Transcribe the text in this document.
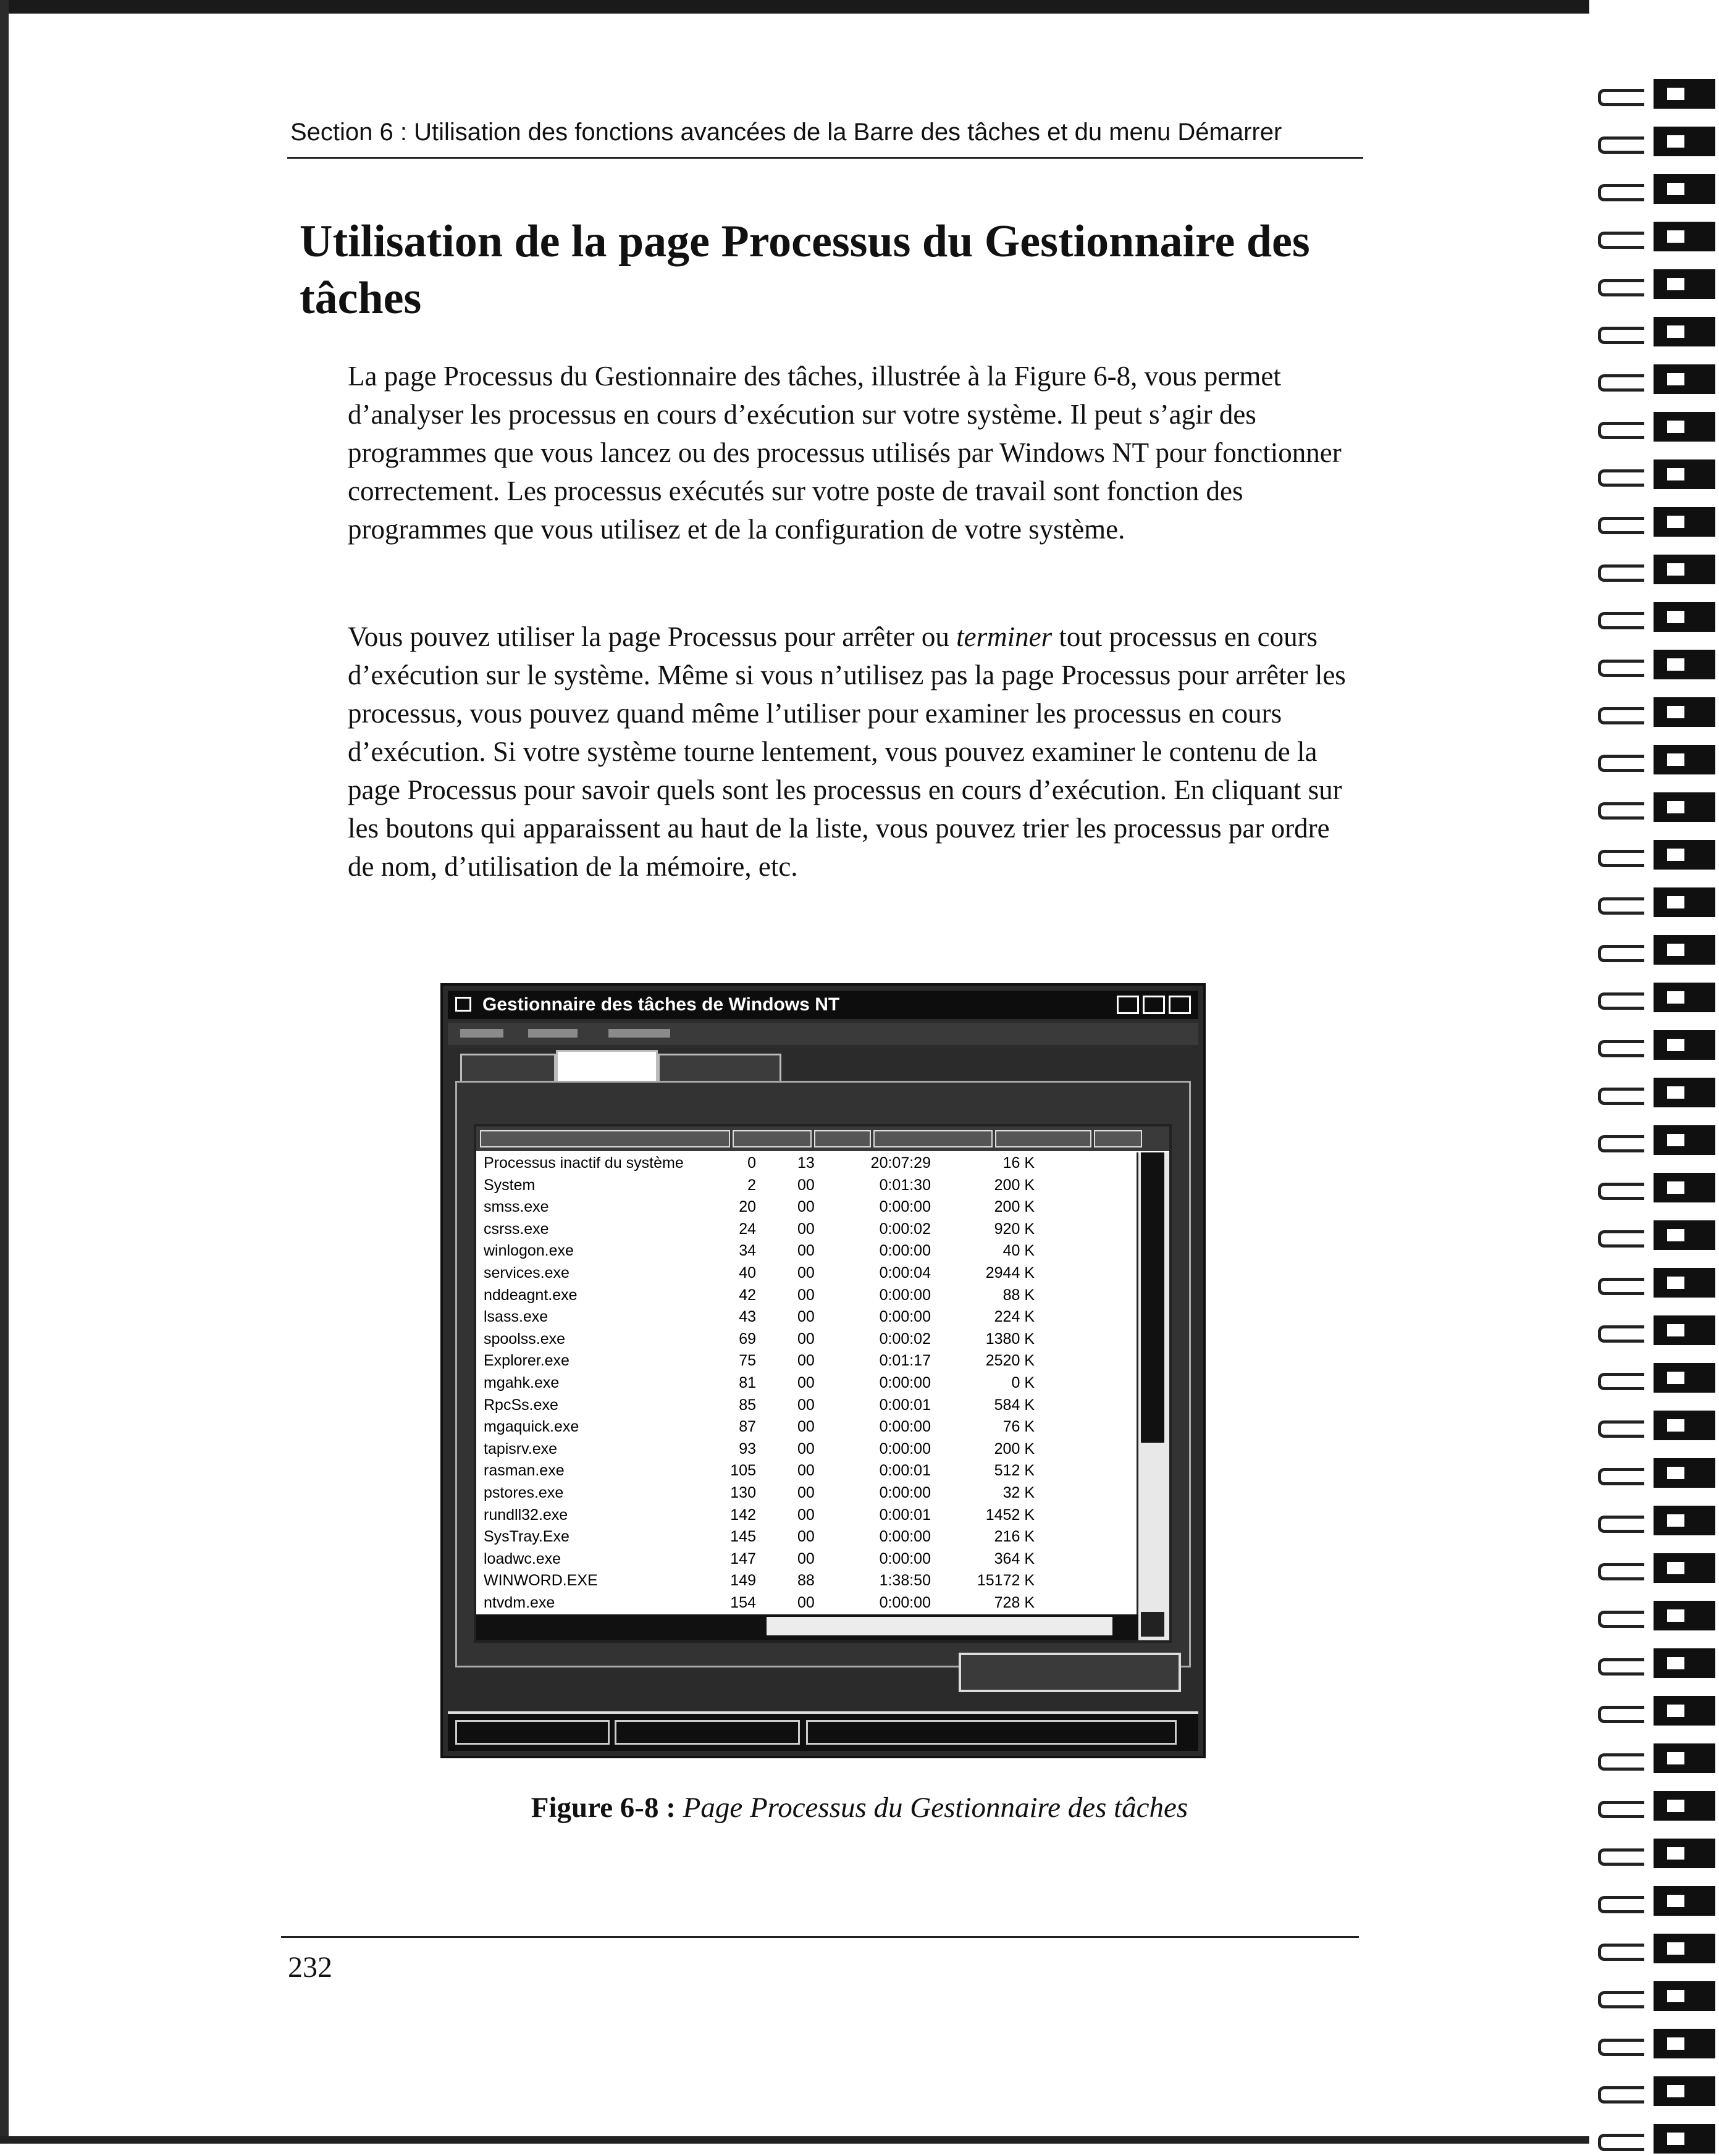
Section 6 : Utilisation des fonctions avancées de la Barre des tâches et du menu Démarrer
Utilisation de la page Processus du Gestionnaire des tâches

La page Processus du Gestionnaire des tâches, illustrée à la Figure 6-8, vous permet d’analyser les processus en cours d’exécution sur votre système. Il peut s’agir des programmes que vous lancez ou des processus utilisés par Windows NT pour fonctionner correctement. Les processus exécutés sur votre poste de travail sont fonction des programmes que vous utilisez et de la configuration de votre système.

Vous pouvez utiliser la page Processus pour arrêter ou terminer tout processus en cours d’exécution sur le système. Même si vous n’utilisez pas la page Processus pour arrêter les processus, vous pouvez quand même l’utiliser pour examiner les processus en cours d’exécution. Si votre système tourne lentement, vous pouvez examiner le contenu de la page Processus pour savoir quels sont les processus en cours d’exécution. En cliquant sur les boutons qui apparaissent au haut de la liste, vous pouvez trier les processus par ordre de nom, d’utilisation de la mémoire, etc.

Gestionnaire des tâches de Windows NT
Processus inactif du système	0	13	20:07:29	16 K
System	2	00	0:01:30	200 K
smss.exe	20	00	0:00:00	200 K
csrss.exe	24	00	0:00:02	920 K
winlogon.exe	34	00	0:00:00	40 K
services.exe	40	00	0:00:04	2944 K
nddeagnt.exe	42	00	0:00:00	88 K
lsass.exe	43	00	0:00:00	224 K
spoolss.exe	69	00	0:00:02	1380 K
Explorer.exe	75	00	0:01:17	2520 K
mgahk.exe	81	00	0:00:00	0 K
RpcSs.exe	85	00	0:00:01	584 K
mgaquick.exe	87	00	0:00:00	76 K
tapisrv.exe	93	00	0:00:00	200 K
rasman.exe	105	00	0:00:01	512 K
pstores.exe	130	00	0:00:00	32 K
rundll32.exe	142	00	0:00:01	1452 K
SysTray.Exe	145	00	0:00:00	216 K
loadwc.exe	147	00	0:00:00	364 K
WINWORD.EXE	149	88	1:38:50	15172 K
ntvdm.exe	154	00	0:00:00	728 K

Figure 6-8 : Page Processus du Gestionnaire des tâches

232
